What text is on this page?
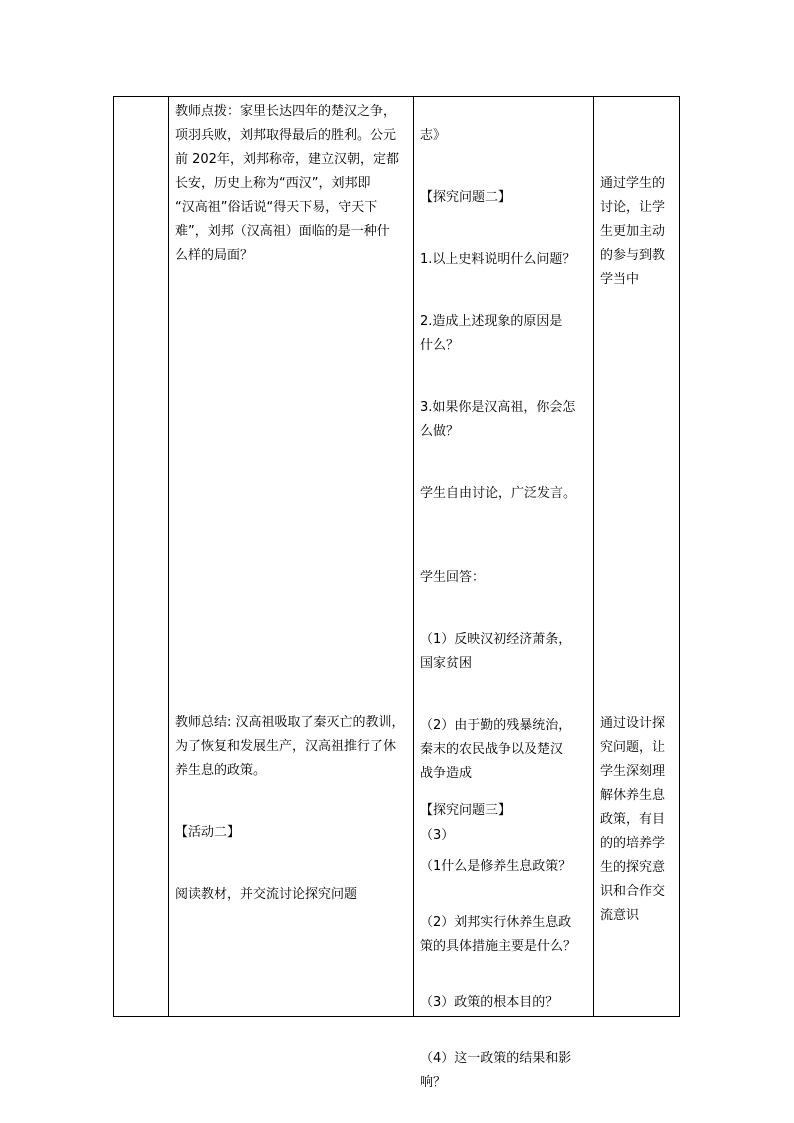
教师点拨：家里长达四年的楚汉之争，
项羽兵败，刘邦取得最后的胜利。公元
前 202年，刘邦称帝，建立汉朝，定都
长安，历史上称为“西汉”，刘邦即
“汉高祖”俗话说“得天下易，守天下
难”，刘邦（汉高祖）面临的是一种什
么样的局面？

教师总结: 汉高祖吸取了秦灭亡的教训，
为了恢复和发展生产，汉高祖推行了休
养生息的政策。

【活动二】

阅读教材，并交流讨论探究问题

志》

【探究问题二】

1.以上史料说明什么问题？

2.造成上述现象的原因是
什么？

3.如果你是汉高祖，你会怎
么做？

学生自由讨论，广泛发言。

学生回答：

（1）反映汉初经济萧条，
国家贫困

（2）由于勤的残暴统治，
秦末的农民战争以及楚汉
战争造成

（3）

【探究问题三】

（1什么是修养生息政策？

（2）刘邦实行休养生息政
策的具体措施主要是什么？

（3）政策的根本目的？

（4）这一政策的结果和影
响？

通过学生的
讨论，让学
生更加主动
的参与到教
学当中
通过设计探
究问题，让
学生深刻理
解休养生息
政策，有目
的的培养学
生的探究意
识和合作交
流意识
